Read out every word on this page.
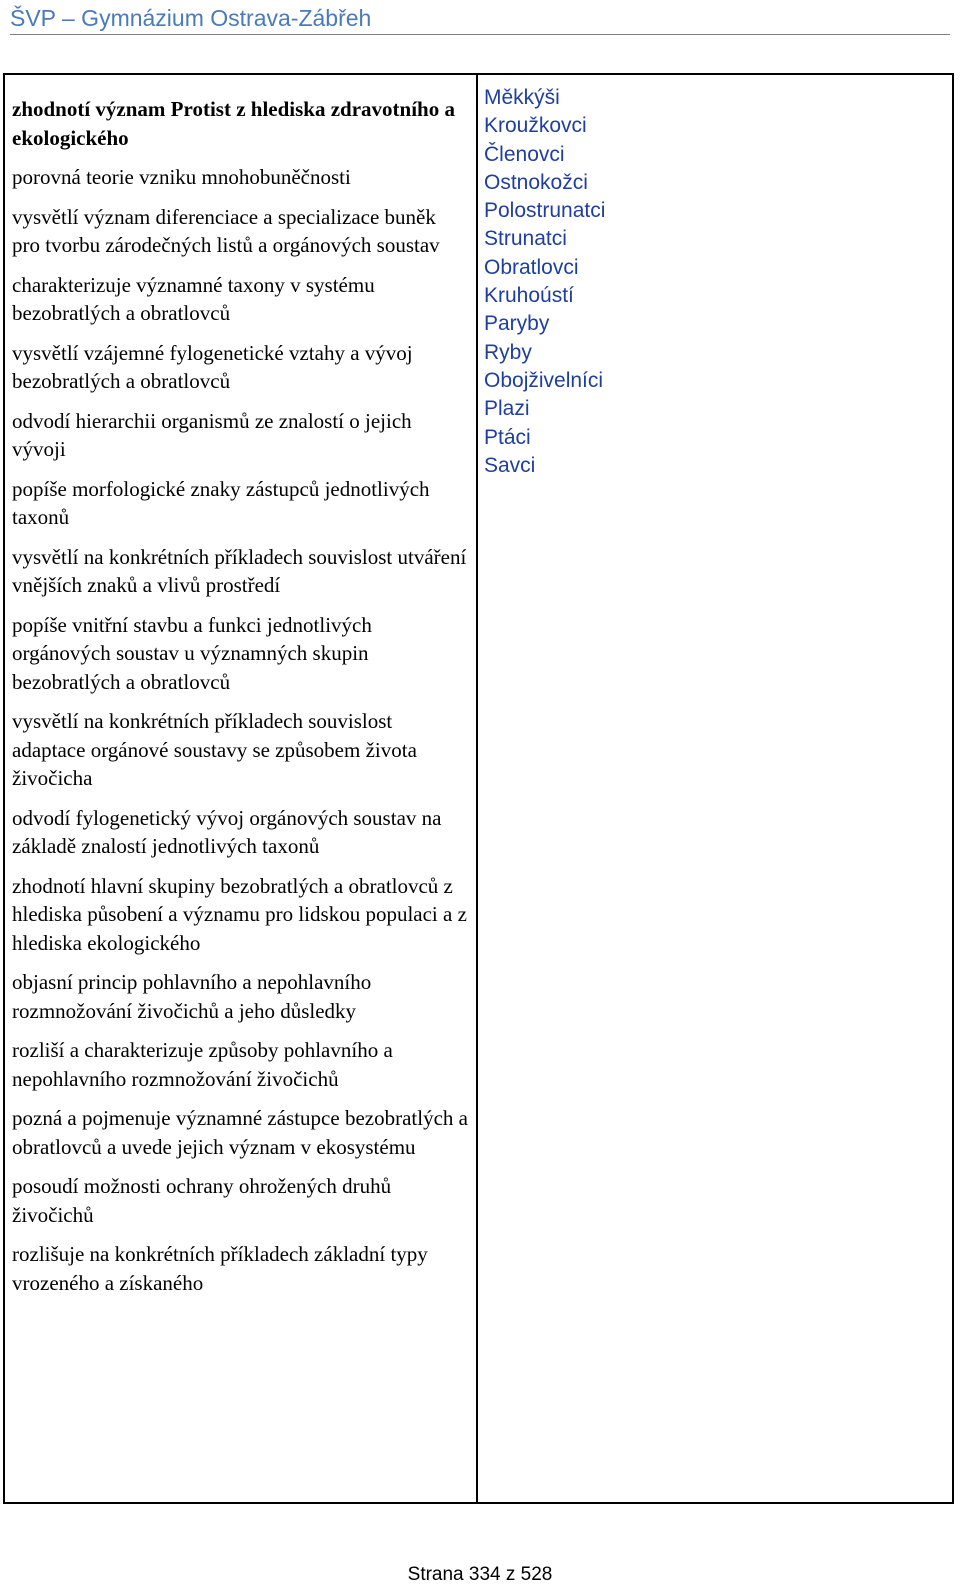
ŠVP – Gymnázium Ostrava-Zábřeh

zhodnotí význam Protist z hlediska zdravotního a ekologického

porovná teorie vzniku mnohobuněčnosti

vysvětlí význam diferenciace a specializace buněk pro tvorbu zárodečných listů a orgánových soustav

charakterizuje významné taxony v systému bezobratlých a obratlovců

vysvětlí vzájemné fylogenetické vztahy a vývoj bezobratlých a obratlovců

odvodí hierarchii organismů ze znalostí o jejich vývoji

popíše morfologické znaky zástupců jednotlivých taxonů

vysvětlí na konkrétních příkladech souvislost utváření vnějších znaků a vlivů prostředí

popíše vnitřní stavbu a funkci jednotlivých orgánových soustav u významných skupin bezobratlých a obratlovců

vysvětlí na konkrétních příkladech souvislost adaptace orgánové soustavy se způsobem života živočicha

odvodí fylogenetický vývoj orgánových soustav na základě znalostí jednotlivých taxonů

zhodnotí hlavní skupiny bezobratlých a obratlovců z hlediska působení a významu pro lidskou populaci a z hlediska ekologického

objasní princip pohlavního a nepohlavního rozmnožování živočichů a jeho důsledky

rozliší a charakterizuje způsoby pohlavního a nepohlavního rozmnožování živočichů

pozná a pojmenuje významné zástupce bezobratlých a obratlovců a uvede jejich význam v ekosystému

posoudí možnosti ochrany ohrožených druhů živočichů

rozlišuje na konkrétních příkladech základní typy vrozeného a získaného

Měkkýši
Kroužkovci
Členovci
Ostnokožci
Polostrunatci
Strunatci
Obratlovci
Kruhoústí
Paryby
Ryby
Obojživelníci
Plazi
Ptáci
Savci
Strana 334 z 528
